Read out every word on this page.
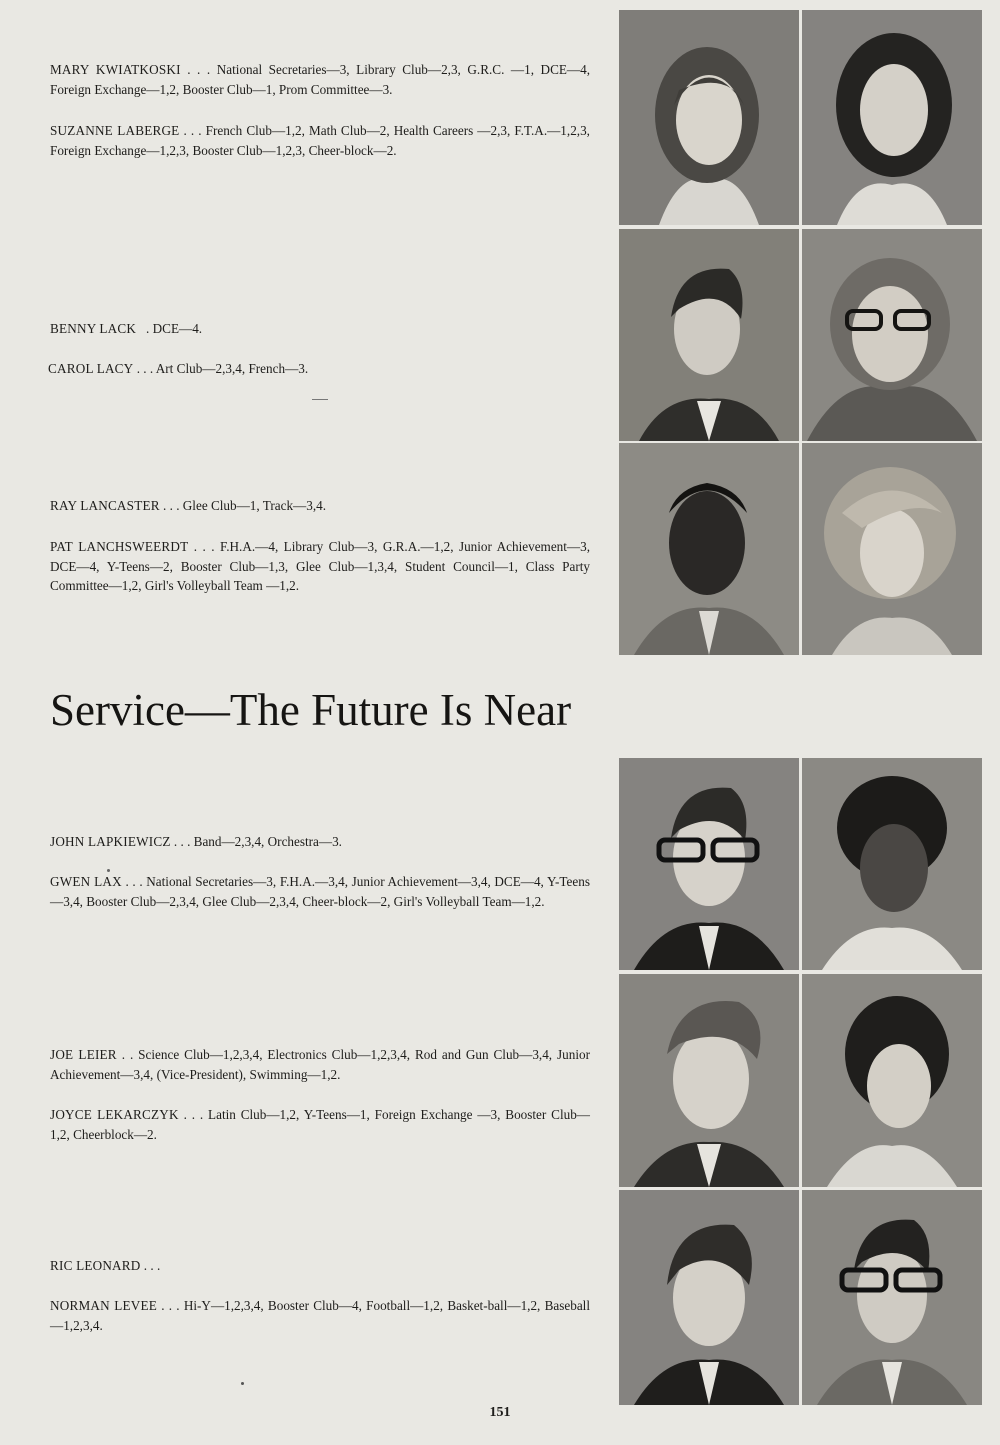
MARY KWIATKOSKI . . . National Secretaries—3, Library Club—2,3, G.R.C. —1, DCE—4, Foreign Exchange—1,2, Booster Club—1, Prom Committee—3.
SUZANNE LABERGE . . . French Club—1,2, Math Club—2, Health Careers —2,3, F.T.A.—1,2,3, Foreign Exchange—1,2,3, Booster Club—1,2,3, Cheer-block—2.
BENNY LACK   . DCE—4.
CAROL LACY . . . Art Club—2,3,4, French—3.
RAY LANCASTER . . . Glee Club—1, Track—3,4.
PAT LANCHSWEERDT . . . F.H.A.—4, Library Club—3, G.R.A.—1,2, Junior Achievement—3, DCE—4, Y-Teens—2, Booster Club—1,3, Glee Club—1,3,4, Student Council—1, Class Party Committee—1,2, Girl's Volleyball Team —1,2.
Service—The Future Is Near
JOHN LAPKIEWICZ . . . Band—2,3,4, Orchestra—3.
GWEN LAX . . . National Secretaries—3, F.H.A.—3,4, Junior Achievement—3,4, DCE—4, Y-Teens—3,4, Booster Club—2,3,4, Glee Club—2,3,4, Cheer-block—2, Girl's Volleyball Team—1,2.
JOE LEIER . . Science Club—1,2,3,4, Electronics Club—1,2,3,4, Rod and Gun Club—3,4, Junior Achievement—3,4, (Vice-President), Swimming—1,2.
JOYCE LEKARCZYK . . . Latin Club—1,2, Y-Teens—1, Foreign Exchange —3, Booster Club—1,2, Cheerblock—2.
RIC LEONARD . . .
NORMAN LEVEE . . . Hi-Y—1,2,3,4, Booster Club—4, Football—1,2, Basket-ball—1,2, Baseball—1,2,3,4.
151
